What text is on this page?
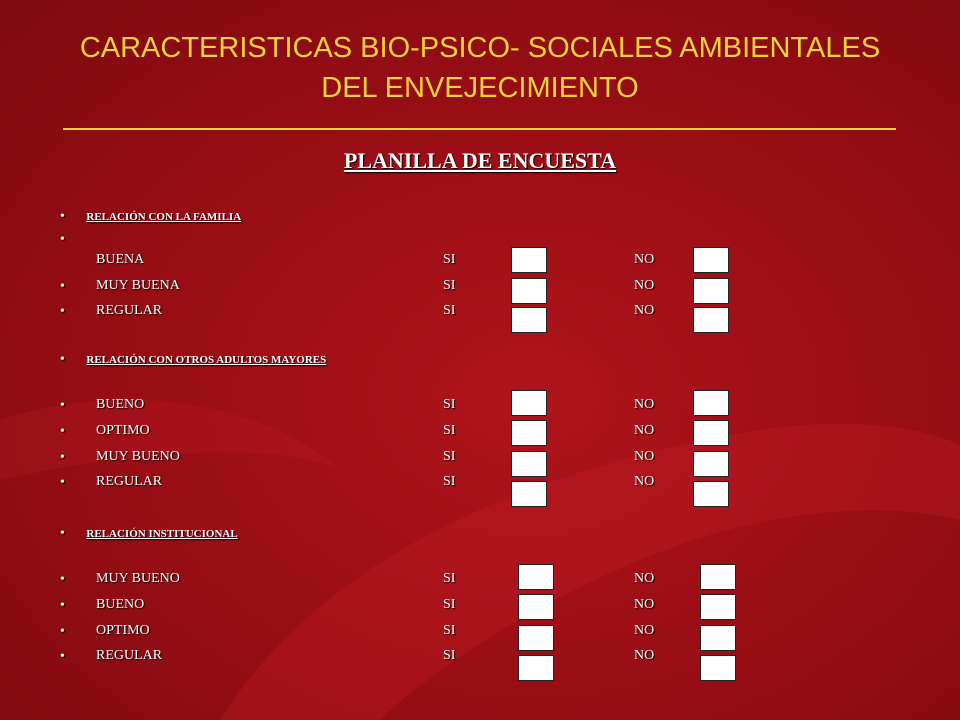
CARACTERISTICAS BIO-PSICO- SOCIALES AMBIENTALES
DEL ENVEJECIMIENTO
PLANILLA DE ENCUESTA
• RELACIÓN CON LA FAMILIA
•
BUENA	SI	NO
• MUY BUENA	SI	NO
• REGULAR	SI	NO
• RELACIÓN CON OTROS ADULTOS MAYORES
• BUENO	SI	NO
• OPTIMO	SI	NO
• MUY BUENO	SI	NO
• REGULAR	SI	NO
• RELACIÓN INSTITUCIONAL
• MUY BUENO	SI	NO
• BUENO	SI	NO
• OPTIMO	SI	NO
• REGULAR	SI	NO
